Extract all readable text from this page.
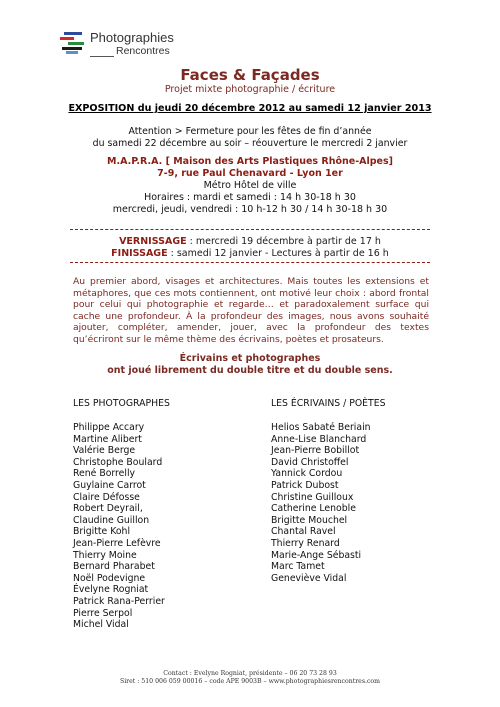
Photographies
Rencontres
Faces & Façades
Projet mixte photographie / écriture
EXPOSITION du jeudi 20 décembre 2012 au samedi 12 janvier 2013
Attention > Fermeture pour les fêtes de fin d’année
du samedi 22 décembre au soir – réouverture le mercredi 2 janvier
M.A.P.R.A. [ Maison des Arts Plastiques Rhône-Alpes]
7-9, rue Paul Chenavard - Lyon 1er
Métro Hôtel de ville
Horaires : mardi et samedi : 14 h 30-18 h 30
mercredi, jeudi, vendredi : 10 h-12 h 30 / 14 h 30-18 h 30
VERNISSAGE : mercredi 19 décembre à partir de 17 h
FINISSAGE : samedi 12 janvier - Lectures à partir de 16 h
Au premier abord, visages et architectures. Mais toutes les extensions et métaphores, que ces mots contiennent, ont motivé leur choix : abord frontal pour celui qui photographie et regarde… et paradoxalement surface qui cache une profondeur. À la profondeur des images, nous avons souhaité ajouter, compléter, amender, jouer, avec la profondeur des textes qu’écriront sur le même thème des écrivains, poètes et prosateurs.
Écrivains et photographes
ont joué librement du double titre et du double sens.
LES PHOTOGRAPHES
Philippe Accary
Martine Alibert
Valérie Berge
Christophe Boulard
René Borrelly
Guylaine Carrot
Claire Défosse
Robert Deyrail,
Claudine Guillon
Brigitte Kohl
Jean-Pierre Lefèvre
Thierry Moine
Bernard Pharabet
Noël Podevigne
Évelyne Rogniat
Patrick Rana-Perrier
Pierre Serpol
Michel Vidal
LES ÉCRIVAINS / POÈTES
Helios Sabaté Beriain
Anne-Lise Blanchard
Jean-Pierre Bobillot
David Christoffel
Yannick Cordou
Patrick Dubost
Christine Guilloux
Catherine Lenoble
Brigitte Mouchel
Chantal Ravel
Thierry Renard
Marie-Ange Sébasti
Marc Tamet
Geneviève Vidal
Contact : Evelyne Rogniat, présidente – 06 20 73 28 93
Siret : 510 006 059 00016 – code APE 9003B – www.photographiesrencontres.com
